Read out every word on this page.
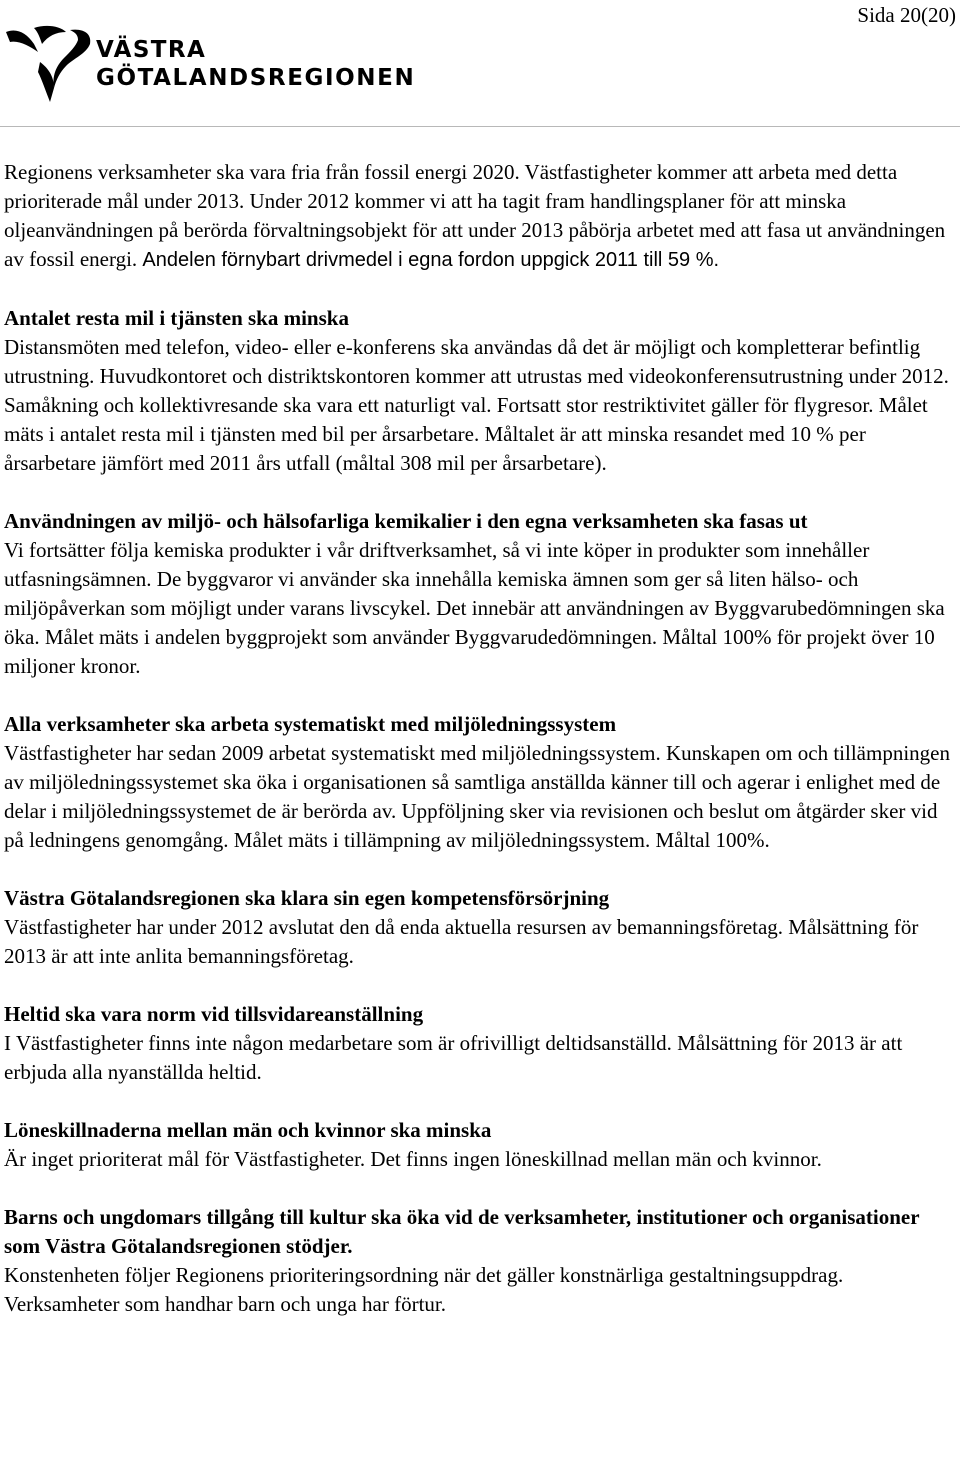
Sida 20(20)
VÄSTRA
GÖTALANDSREGIONEN

Regionens verksamheter ska vara fria från fossil energi 2020. Västfastigheter kommer att arbeta med detta prioriterade mål under 2013. Under 2012 kommer vi att ha tagit fram handlingsplaner för att minska oljeanvändningen på berörda förvaltningsobjekt för att under 2013 påbörja arbetet med att fasa ut användningen av fossil energi. Andelen förnybart drivmedel i egna fordon uppgick 2011 till 59 %.

Antalet resta mil i tjänsten ska minska

Distansmöten med telefon, video- eller e-konferens ska användas då det är möjligt och kompletterar befintlig utrustning. Huvudkontoret och distriktskontoren kommer att utrustas med videokonferensutrustning under 2012. Samåkning och kollektivresande ska vara ett naturligt val. Fortsatt stor restriktivitet gäller för flygresor. Målet mäts i antalet resta mil i tjänsten med bil per årsarbetare. Måltalet är att minska resandet med 10 % per årsarbetare jämfört med 2011 års utfall (måltal 308 mil per årsarbetare).

Användningen av miljö- och hälsofarliga kemikalier i den egna verksamheten ska fasas ut

Vi fortsätter följa kemiska produkter i vår driftverksamhet, så vi inte köper in produkter som innehåller utfasningsämnen. De byggvaror vi använder ska innehålla kemiska ämnen som ger så liten hälso- och miljöpåverkan som möjligt under varans livscykel. Det innebär att användningen av Byggvarubedömningen ska öka. Målet mäts i andelen byggprojekt som använder Byggvarudedömningen. Måltal 100% för projekt över 10 miljoner kronor.

Alla verksamheter ska arbeta systematiskt med miljöledningssystem

Västfastigheter har sedan 2009 arbetat systematiskt med miljöledningssystem. Kunskapen om och tillämpningen av miljöledningssystemet ska öka i organisationen så samtliga anställda känner till och agerar i enlighet med de delar i miljöledningssystemet de är berörda av. Uppföljning sker via revisionen och beslut om åtgärder sker vid på ledningens genomgång. Målet mäts i tillämpning av miljöledningssystem. Måltal 100%.

Västra Götalandsregionen ska klara sin egen kompetensförsörjning

Västfastigheter har under 2012 avslutat den då enda aktuella resursen av bemanningsföretag. Målsättning för 2013 är att inte anlita bemanningsföretag.

Heltid ska vara norm vid tillsvidareanställning

I Västfastigheter finns inte någon medarbetare som är ofrivilligt deltidsanställd. Målsättning för 2013 är att erbjuda alla nyanställda heltid.

Löneskillnaderna mellan män och kvinnor ska minska

Är inget prioriterat mål för Västfastigheter. Det finns ingen löneskillnad mellan män och kvinnor.

Barns och ungdomars tillgång till kultur ska öka vid de verksamheter, institutioner och organisationer som Västra Götalandsregionen stödjer.

Konstenheten följer Regionens prioriteringsordning när det gäller konstnärliga gestaltningsuppdrag. Verksamheter som handhar barn och unga har förtur.
